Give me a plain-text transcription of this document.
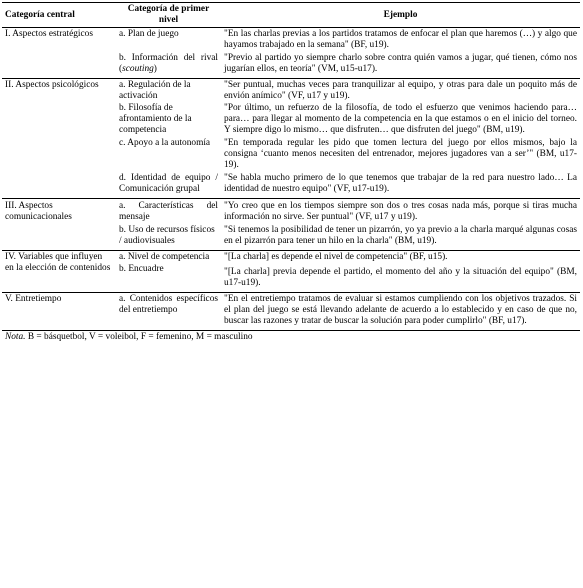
Categoría central	Categoría de primer nivel	Ejemplo
I. Aspectos estratégicos	a. Plan de juego	"En las charlas previas a los partidos tratamos de enfocar el plan que haremos (…) y algo que hayamos trabajado en la semana" (BF, u19).
	b. Información del rival (scouting)	"Previo al partido yo siempre charlo sobre contra quién vamos a jugar, qué tienen, cómo nos jugarían ellos, en teoría" (VM, u15-u17).
II. Aspectos psicológicos	a. Regulación de la activación	"Ser puntual, muchas veces para tranquilizar al equipo, y otras para dale un poquito más de envión anímico" (VF, u17 y u19).
	b. Filosofía de afrontamiento de la competencia	"Por último, un refuerzo de la filosofía, de todo el esfuerzo que venimos haciendo para… para… para llegar al momento de la competencia en la que estamos o en el inicio del torneo. Y siempre digo lo mismo… que disfruten… que disfruten del juego" (BM, u19).
	c. Apoyo a la autonomía	"En temporada regular les pido que tomen lectura del juego por ellos mismos, bajo la consigna ‘cuanto menos necesiten del entrenador, mejores jugadores van a ser’" (BM, u17-19).
	d. Identidad de equipo / Comunicación grupal	"Se habla mucho primero de lo que tenemos que trabajar de la red para nuestro lado… La identidad de nuestro equipo" (VF, u17-u19).
III. Aspectos comunicacionales	a. Características del mensaje	"Yo creo que en los tiempos siempre son dos o tres cosas nada más, porque si tiras mucha información no sirve. Ser puntual" (VF, u17 y u19).
	b. Uso de recursos físicos / audiovisuales	"Si tenemos la posibilidad de tener un pizarrón, yo ya previo a la charla marqué algunas cosas en el pizarrón para tener un hilo en la charla" (BM, u19).
IV. Variables que influyen en la elección de contenidos	a. Nivel de competencia	"[La charla] es depende el nivel de competencia" (BF, u15).
	b. Encuadre	"[La charla] previa depende el partido, el momento del año y la situación del equipo" (BM, u17-u19).
V. Entretiempo	a. Contenidos específicos del entretiempo	"En el entretiempo tratamos de evaluar si estamos cumpliendo con los objetivos trazados. Si el plan del juego se está llevando adelante de acuerdo a lo establecido y en caso de que no, buscar las razones y tratar de buscar la solución para poder cumplirlo" (BF, u17).
Nota. B = básquetbol, V = voleibol, F = femenino, M = masculino
